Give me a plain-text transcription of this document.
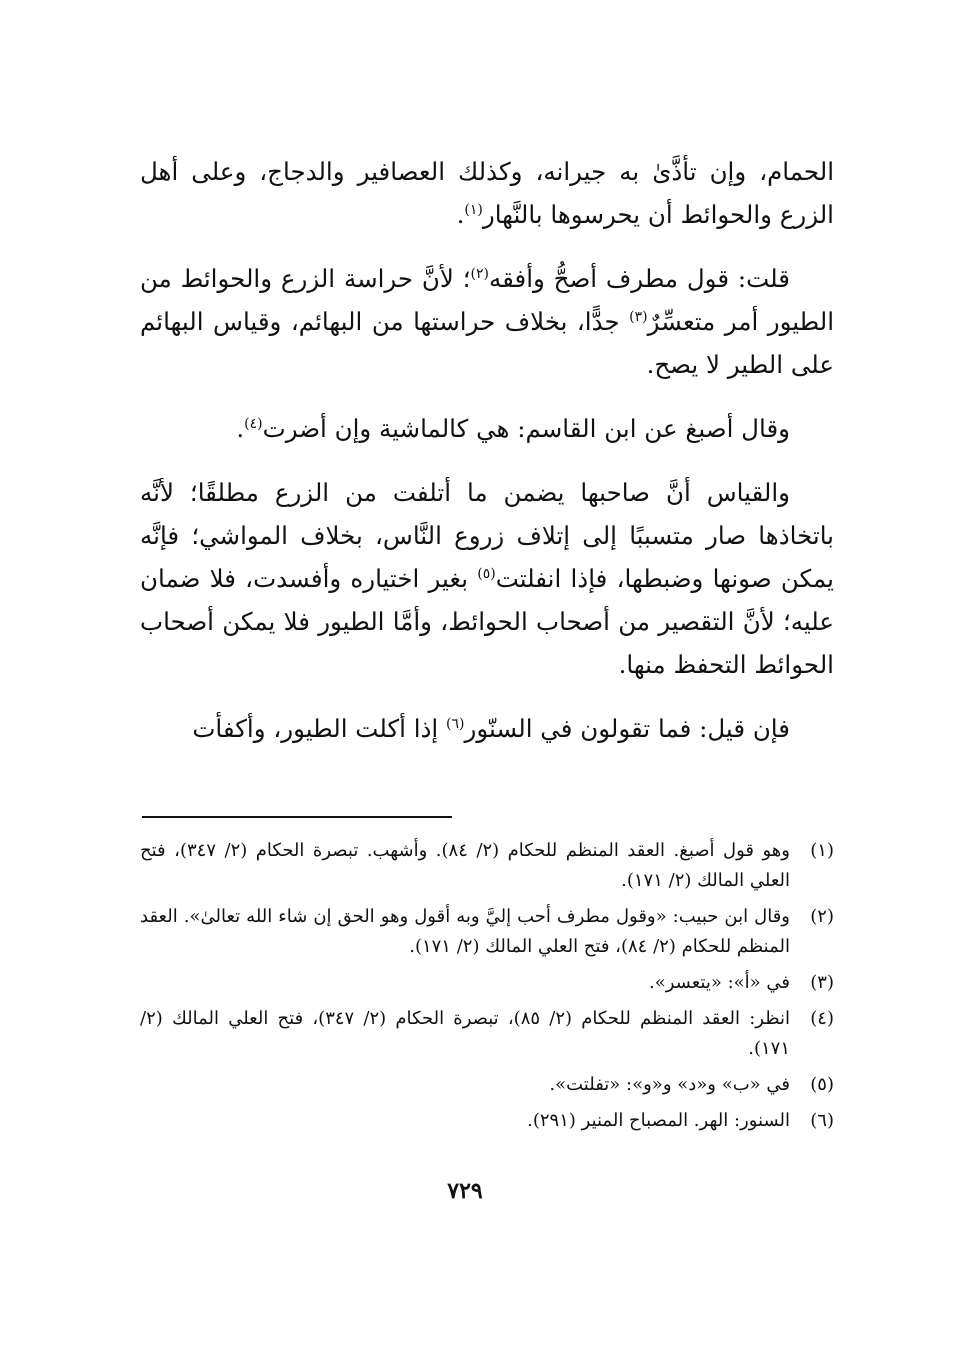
الحمام، وإن تأذَّىٰ به جيرانه، وكذلك العصافير والدجاج، وعلى أهل الزرع والحوائط أن يحرسوها بالنَّهار$^{(١)}$.

قلت: قول مطرف أصحُّ وأفقه$^{(٢)}$؛ لأنَّ حراسة الزرع والحوائط من الطيور أمر متعسِّرٌ$^{(٣)}$ جدًّا، بخلاف حراستها من البهائم، وقياس البهائم على الطير لا يصح.

وقال أصبغ عن ابن القاسم: هي كالماشية وإن أضرت$^{(٤)}$.

والقياس أنَّ صاحبها يضمن ما أتلفت من الزرع مطلقًا؛ لأنَّه باتخاذها صار متسببًا إلى إتلاف زروع النَّاس، بخلاف المواشي؛ فإنَّه يمكن صونها وضبطها، فإذا انفلتت$^{(٥)}$ بغير اختياره وأفسدت، فلا ضمان عليه؛ لأنَّ التقصير من أصحاب الحوائط، وأمَّا الطيور فلا يمكن أصحاب الحوائط التحفظ منها.

فإن قيل: فما تقولون في السنّور$^{(٦)}$ إذا أكلت الطيور، وأكفأت

(١)
وهو قول أصبغ. العقد المنظم للحكام (٢/ ٨٤). وأشهب. تبصرة الحكام (٢/ ٣٤٧)، فتح العلي المالك (٢/ ١٧١).
(٢)
وقال ابن حبيب: «وقول مطرف أحب إليَّ وبه أقول وهو الحق إن شاء الله تعالىٰ». العقد المنظم للحكام (٢/ ٨٤)، فتح العلي المالك (٢/ ١٧١).
(٣)
في «أ»: «يتعسر».
(٤)
انظر: العقد المنظم للحكام (٢/ ٨٥)، تبصرة الحكام (٢/ ٣٤٧)، فتح العلي المالك (٢/ ١٧١).
(٥)
في «ب» و«د» و«و»: «تفلتت».
(٦)
السنور: الهر. المصباح المنير (٢٩١).
٧٢٩
